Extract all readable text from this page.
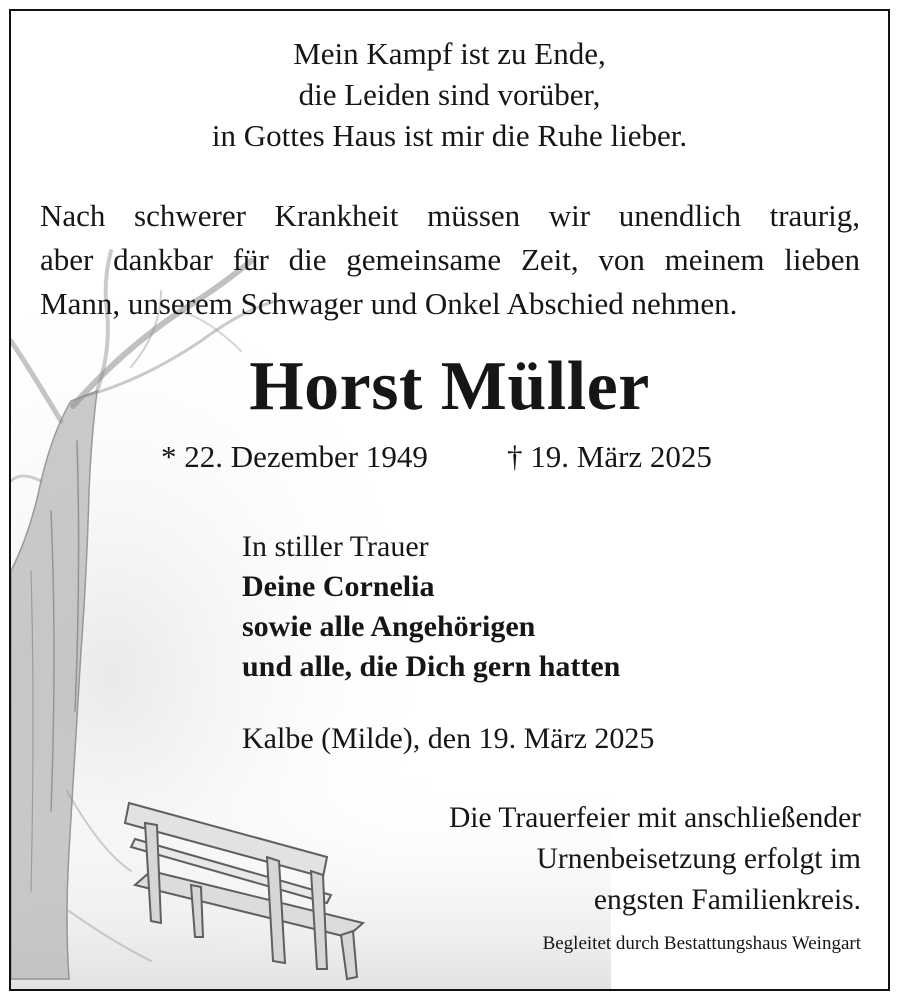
Mein Kampf ist zu Ende,
die Leiden sind vorüber,
in Gottes Haus ist mir die Ruhe lieber.
Nach schwerer Krankheit müssen wir unendlich traurig,
aber dankbar für die gemeinsame Zeit, von meinem lieben
Mann, unserem Schwager und Onkel Abschied nehmen.
Horst Müller
* 22. Dezember 1949	† 19. März 2025
In stiller Trauer
Deine Cornelia
sowie alle Angehörigen
und alle, die Dich gern hatten
Kalbe (Milde), den 19. März 2025
Die Trauerfeier mit anschließender
Urnenbeisetzung erfolgt im
engsten Familienkreis.
Begleitet durch Bestattungshaus Weingart
